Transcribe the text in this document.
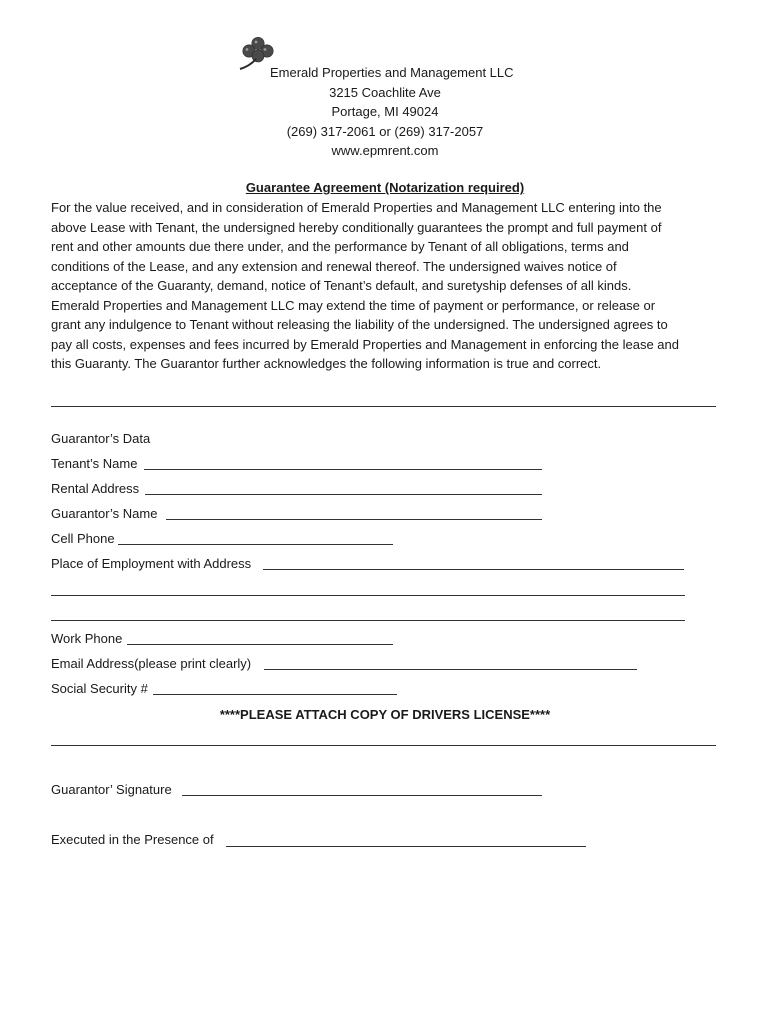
Emerald Properties and Management LLC
3215 Coachlite Ave
Portage, MI 49024
(269) 317-2061 or (269) 317-2057
www.epmrent.com
Guarantee Agreement (Notarization required)
For the value received, and in consideration of Emerald Properties and Management LLC entering into the
above Lease with Tenant, the undersigned hereby conditionally guarantees the prompt and full payment of
rent and other amounts due there under, and the performance by Tenant of all obligations, terms and
conditions of the Lease, and any extension and renewal thereof. The undersigned waives notice of
acceptance of the Guaranty, demand, notice of Tenant’s default, and suretyship defenses of all kinds.
Emerald Properties and Management LLC may extend the time of payment or performance, or release or
grant any indulgence to Tenant without releasing the liability of the undersigned. The undersigned agrees to
pay all costs, expenses and fees incurred by Emerald Properties and Management in enforcing the lease and
this Guaranty. The Guarantor further acknowledges the following information is true and correct.
Guarantor’s Data
Tenant’s Name
Rental Address
Guarantor’s Name
Cell Phone
Place of Employment with Address
Work Phone
Email Address(please print clearly)
Social Security #
****PLEASE ATTACH COPY OF DRIVERS LICENSE****
Guarantor’ Signature
Executed in the Presence of
